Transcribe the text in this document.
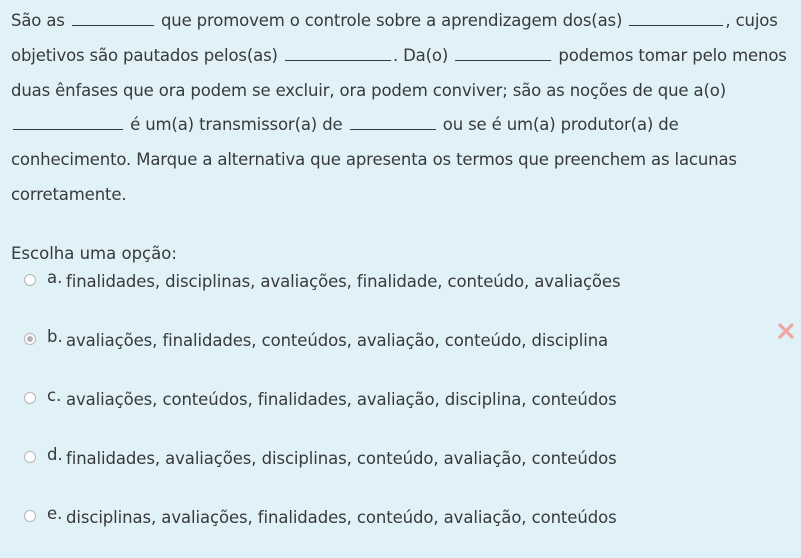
São as	que promovem o controle sobre a aprendizagem dos(as)	, cujos objetivos são pautados pelos(as)	. Da(o)	podemos tomar pelo menos duas ênfases que ora podem se excluir, ora podem conviver; são as noções de que a(o)  é um(a) transmissor(a) de	ou se é um(a) produtor(a) de conhecimento. Marque a alternativa que apresenta os termos que preenchem as lacunas corretamente.

Escolha uma opção:

a. finalidades, disciplinas, avaliações, finalidade, conteúdo, avaliações
b. avaliações, finalidades, conteúdos, avaliação, conteúdo, disciplina
c. avaliações, conteúdos, finalidades, avaliação, disciplina, conteúdos
d. finalidades, avaliações, disciplinas, conteúdo, avaliação, conteúdos
e. disciplinas, avaliações, finalidades, conteúdo, avaliação, conteúdos
